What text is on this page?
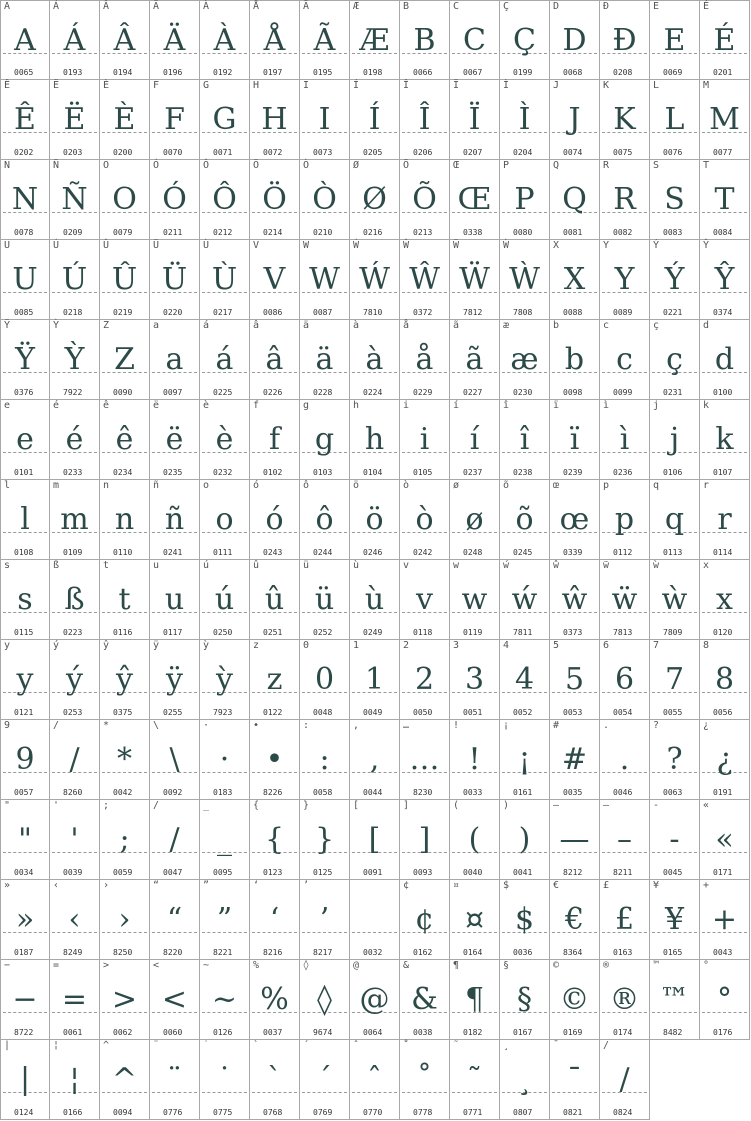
A
A
0065
Á
Á
0193
Â
Â
0194
Ä
Ä
0196
À
À
0192
Å
Å
0197
Ã
Ã
0195
Æ
Æ
0198
B
B
0066
C
C
0067
Ç
Ç
0199
D
D
0068
Đ
Đ
0208
E
E
0069
É
É
0201
Ê
Ê
0202
Ë
Ë
0203
È
È
0200
F
F
0070
G
G
0071
H
H
0072
I
I
0073
Í
Í
0205
Î
Î
0206
Ï
Ï
0207
Ì
Ì
0204
J
J
0074
K
K
0075
L
L
0076
M
M
0077
N
N
0078
Ñ
Ñ
0209
O
O
0079
Ó
Ó
0211
Ô
Ô
0212
Ö
Ö
0214
Ò
Ò
0210
Ø
Ø
0216
Õ
Õ
0213
Œ
Œ
0338
P
P
0080
Q
Q
0081
R
R
0082
S
S
0083
T
T
0084
U
U
0085
Ú
Ú
0218
Û
Û
0219
Ü
Ü
0220
Ù
Ù
0217
V
V
0086
W
W
0087
Ẃ
Ẃ
7810
Ŵ
Ŵ
0372
Ẅ
Ẅ
7812
Ẁ
Ẁ
7808
X
X
0088
Y
Y
0089
Ý
Ý
0221
Ŷ
Ŷ
0374
Ÿ
Ÿ
0376
Ỳ
Ỳ
7922
Z
Z
0090
a
a
0097
á
á
0225
â
â
0226
ä
ä
0228
à
à
0224
å
å
0229
ã
ã
0227
æ
æ
0230
b
b
0098
c
c
0099
ç
ç
0231
d
d
0100
e
e
0101
é
é
0233
ê
ê
0234
ë
ë
0235
è
è
0232
f
f
0102
g
g
0103
h
h
0104
i
i
0105
í
í
0237
î
î
0238
ï
ï
0239
ì
ì
0236
j
j
0106
k
k
0107
l
l
0108
m
m
0109
n
n
0110
ñ
ñ
0241
o
o
0111
ó
ó
0243
ô
ô
0244
ö
ö
0246
ò
ò
0242
ø
ø
0248
õ
õ
0245
œ
œ
0339
p
p
0112
q
q
0113
r
r
0114
s
s
0115
ß
ß
0223
t
t
0116
u
u
0117
ú
ú
0250
û
û
0251
ü
ü
0252
ù
ù
0249
v
v
0118
w
w
0119
ẃ
ẃ
7811
ŵ
ŵ
0373
ẅ
ẅ
7813
ẁ
ẁ
7809
x
x
0120
y
y
0121
ý
ý
0253
ŷ
ŷ
0375
ÿ
ÿ
0255
ỳ
ỳ
7923
z
z
0122
0
0
0048
1
1
0049
2
2
0050
3
3
0051
4
4
0052
5
5
0053
6
6
0054
7
7
0055
8
8
0056
9
9
0057
/
/
8260
*
*
0042
\
\
0092
·
·
0183
•
•
8226
:
:
0058
,
,
0044
…
…
8230
!
!
0033
¡
¡
0161
#
#
0035
.
.
0046
?
?
0063
¿
¿
0191
"
"
0034
'
'
0039
;
;
0059
/
/
0047
_
_
0095
{
{
0123
}
}
0125
[
[
0091
]
]
0093
(
(
0040
)
)
0041
—
—
8212
–
–
8211
-
-
0045
«
«
0171
»
»
0187
‹
‹
8249
›
›
8250
“
“
8220
”
”
8221
‘
‘
8216
’
’
8217	0032
¢
¢
0162
¤
¤
0164
$
$
0036
€
€
8364
£
£
0163
¥
¥
0165
+
+
0043
−
−
8722
=
=
0061
>
>
0062
<
<
0060
~
~
0126
%
%
0037
◊
◊
9674
@
@
0064
&
&
0038
¶
¶
0182
§
§
0167
©
©
0169
®
®
0174
™
™
8482
°
°
0176
|
|
0124
¦
¦
0166
^
^
0094
¨
¨
0776
˙
˙
0775
`
`
0768
´
´
0769
ˆ
ˆ
0770
˚
˚
0778
˜
˜
0771
¸
¸
0807
¯
¯
0821
/
/
0824
